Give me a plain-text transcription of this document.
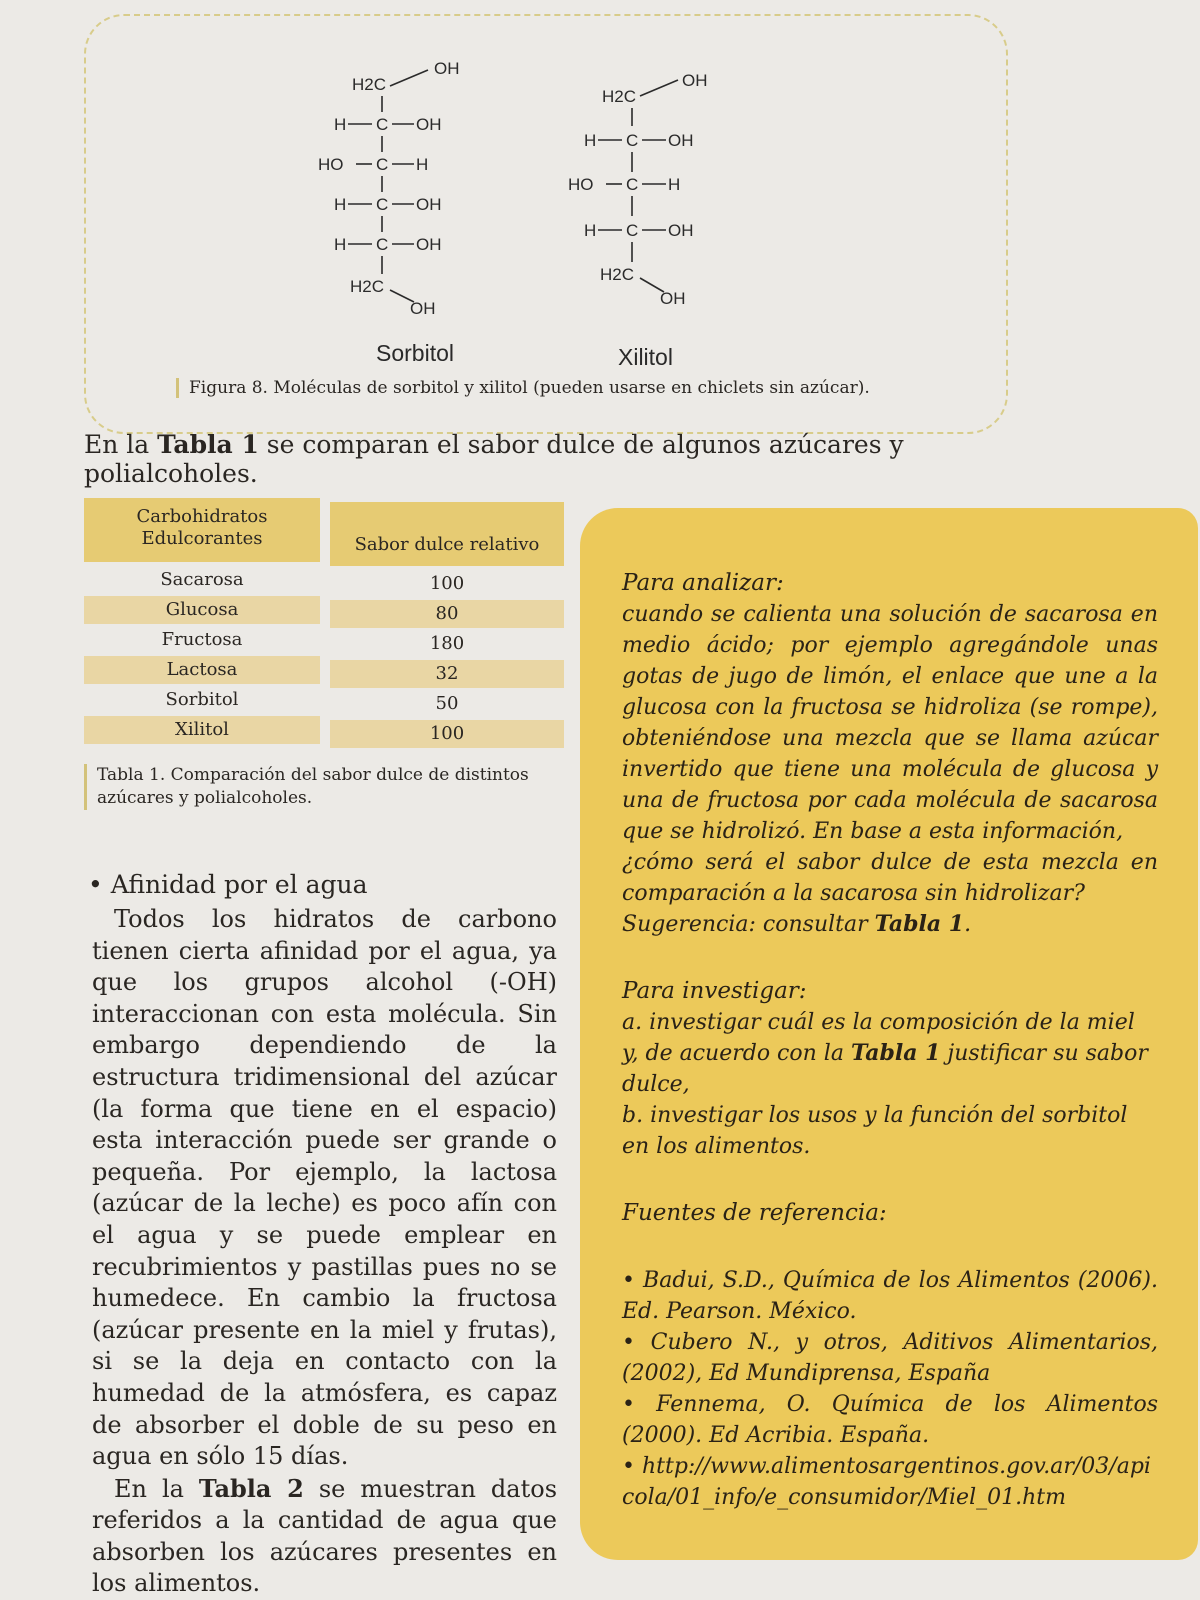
H2C
OH
H C OH
HO C H
H C OH
H C OH
H2C
OH
Sorbitol
H2C
OH
H C OH
HO C H
H C OH
H2C
OH
Xilitol
Figura 8. Moléculas de sorbitol y xilitol (pueden usarse en chiclets sin azúcar).
En la Tabla 1 se comparan el sabor dulce de algunos azúcares y polialcoholes.
Carbohidratos
Edulcorantes	Sabor dulce relativo
Sacarosa	100
Glucosa	80
Fructosa	180
Lactosa	32
Sorbitol	50
Xilitol	100
Tabla 1. Comparación del sabor dulce de distintos azúcares y polialcoholes.
• Afinidad por el agua

Todos los hidratos de carbono tienen cierta afinidad por el agua, ya que los grupos alcohol (-OH) interaccionan con esta molécula. Sin embargo dependiendo de la estructura tridimensional del azúcar (la forma que tiene en el espacio) esta interacción puede ser grande o pequeña. Por ejemplo, la lactosa (azúcar de la leche) es poco afín con el agua y se puede emplear en recubrimientos y pastillas pues no se humedece. En cambio la fructosa (azúcar presente en la miel y frutas), si se la deja en contacto con la humedad de la atmósfera, es capaz de absorber el doble de su peso en agua en sólo 15 días.

En la Tabla 2 se muestran datos referidos a la cantidad de agua que absorben los azúcares presentes en los alimentos.

Para analizar:

cuando se calienta una solución de sacarosa en medio ácido; por ejemplo agregándole unas gotas de jugo de limón, el enlace que une a la glucosa con la fructosa se hidroliza (se rompe), obteniéndose una mezcla que se llama azúcar invertido que tiene una molécula de glucosa y una de fructosa por cada molécula de sacarosa que se hidrolizó. En base a esta información,

¿cómo será el sabor dulce de esta mezcla en comparación a la sacarosa sin hidrolizar?

Sugerencia: consultar Tabla 1.

Para investigar:

a. investigar cuál es la composición de la miel y, de acuerdo con la Tabla 1 justificar su sabor dulce,

b. investigar los usos y la función del sorbitol en los alimentos.

Fuentes de referencia:

• Badui, S.D., Química de los Alimentos (2006). Ed. Pearson. México.

• Cubero N., y otros, Aditivos Alimentarios, (2002), Ed Mundiprensa, España

• Fennema, O. Química de los Alimentos (2000). Ed Acribia. España.

• http://www.alimentosargentinos.gov.ar/03/apicola/01_info/e_consumidor/Miel_01.htm
